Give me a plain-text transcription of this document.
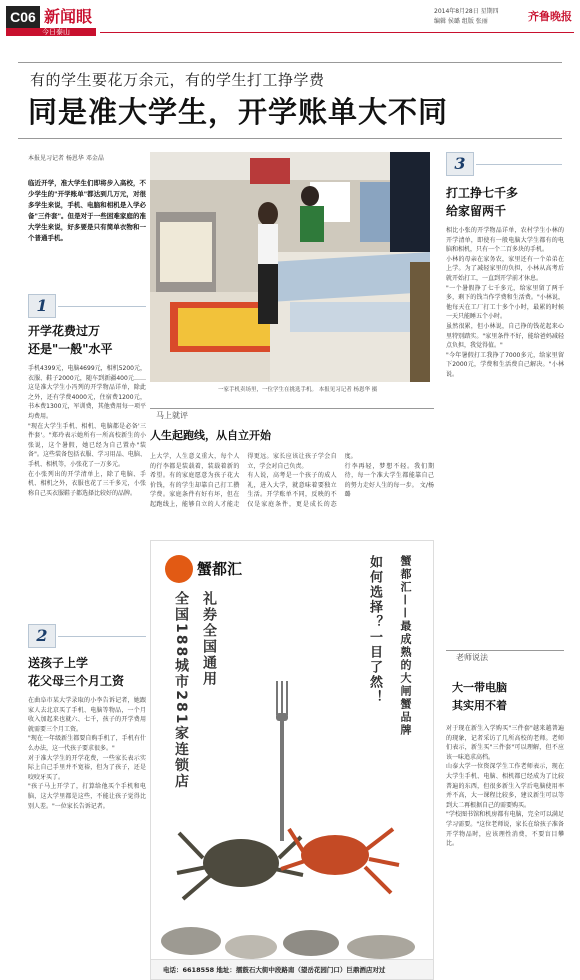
C06 新闻眼
今日泰山
2014年8月28日 星期四
编辑 侯璐 组版 张丽	齐鲁晚报
有的学生要花万余元，有的学生打工挣学费
同是准大学生，开学账单大不同
本报见习记者 杨恩华 邓金晶
临近开学，准大学生们即将步入高校，不少学生的"开学账单"都达到几万元，对很多学生来说，手机、电脑和相机是入学必备"三件套"。但是对于一些困难家庭的准大学生来说，好多要是只有简单衣物和一个普通手机。
1
开学花费过万
还是"一般"水平
手机4399元，电脑4699元，相机5200元，衣服、鞋子2000元，随车到新疆400元……这是准大学生小冯列的开学物品详单，除此之外，还有学费4000元，住宿费1200元，书本费1300元，军训费，其他费用每一项平均费用。
"现在大学生手机、相机、电脑都是必备'三件套'。"郑玲表示她所有一所高校新生的小张说，这个暑假，她已经为自己置办"装备"。这些装备包括衣服、学习用品、电脑、手机、相机等，小张花了一万多元。
在小张列出的开学清单上，除了电脑、手机、相机之外，衣服也花了三千多元，小张称自己买衣服鞋子都选择比较好的品牌。
2
送孩子上学
花父母三个月工资
在曲阜市某大学录取的小李告诉记者，她跟家人去北京买了手机、电脑等物品，一个月收入加起来也就六、七千，孩子的开学费用就需要三个月工资。
"现在一年级新生都要自购手机了，手机有什么办法，这一代孩子要求很多。"
对于准大学生的开学花费，一些家长表示实际上自己手里并不宽裕，但为了孩子，还是咬咬牙买了。
"孩子马上开学了，打算给他买个手机和电脑，这大学里都是这些，不能让孩子觉得比别人差。"一位家长告诉记者。
一家手机卖场里，一位学生在挑选手机。 本报见习记者 杨恩华 摄
马上就评
人生起跑线，从自立开始
上大学，人生意义重大，每个人的行李都是装载着，装载着新的希望。有的家庭愿意为孩子花大价钱，有的学生却靠自己打工攒学费。家庭条件有好有坏，但在起跑线上，能够自立的人才能走得更远。家长应该让孩子学会自立，学会对自己负责。
有人说，高考是一个孩子的成人礼，进入大学，就意味着要独立生活。开学账单不同，反映的不仅是家庭条件，更是成长的态度。
行李再轻，梦想不轻。我们期待，每一个准大学生都能靠自己的努力走好人生的每一步。 文/杨璐
蟹都汇	蟹都汇——最成熟的大闸蟹品牌
如何选择？一目了然！
礼券全国通用
全国188城市281家连锁店
电话：6618558 地址：擂鼓石大街中段路南（望岳花园门口）巨鼎酒店对过
3
打工挣七千多
给家留两千
相比小张的开学物品详单，农村学生小林的开学清单，即使有一般电脑大学生都有的电脑和相机，只有一个二百多块的手机。
小林的母亲在家务农，家里还有一个弟弟在上学。为了减轻家里的负担，小林从高考后就开始打工，一直到开学前才休息。
"一个暑假挣了七千多元，给家里留了两千多，剩下的钱当作学费和生活费。"小林说，他每天在工厂打工十多个小时，最累的时候一天只能睡五个小时。
虽然很累，但小林说，自己挣的钱花起来心里特别踏实。"家里条件不好，能给爸妈减轻点负担，我觉得值。"
"今年暑假打工我挣了7000多元，给家里留下2000元，学费和生活费自己解决。"小林说。
老师说法
大一带电脑
其实用不着
对于现在新生入学购买"三件套"越来越普遍的现象，记者采访了几所高校的老师。老师们表示，新生买"三件套"可以理解，但不应该一味追求高档。
山泰大学一位资深学生工作老师表示，现在大学生手机、电脑、相机都已经成为了比较普遍的东西，但很多新生入学后电脑使用率并不高，大一课程比较多，建议新生可以等到大二再根据自己的需要购买。
"学校图书馆和机房都有电脑，完全可以满足学习需要。"这位老师说，家长在给孩子准备开学物品时，应该理性消费，不要盲目攀比。
